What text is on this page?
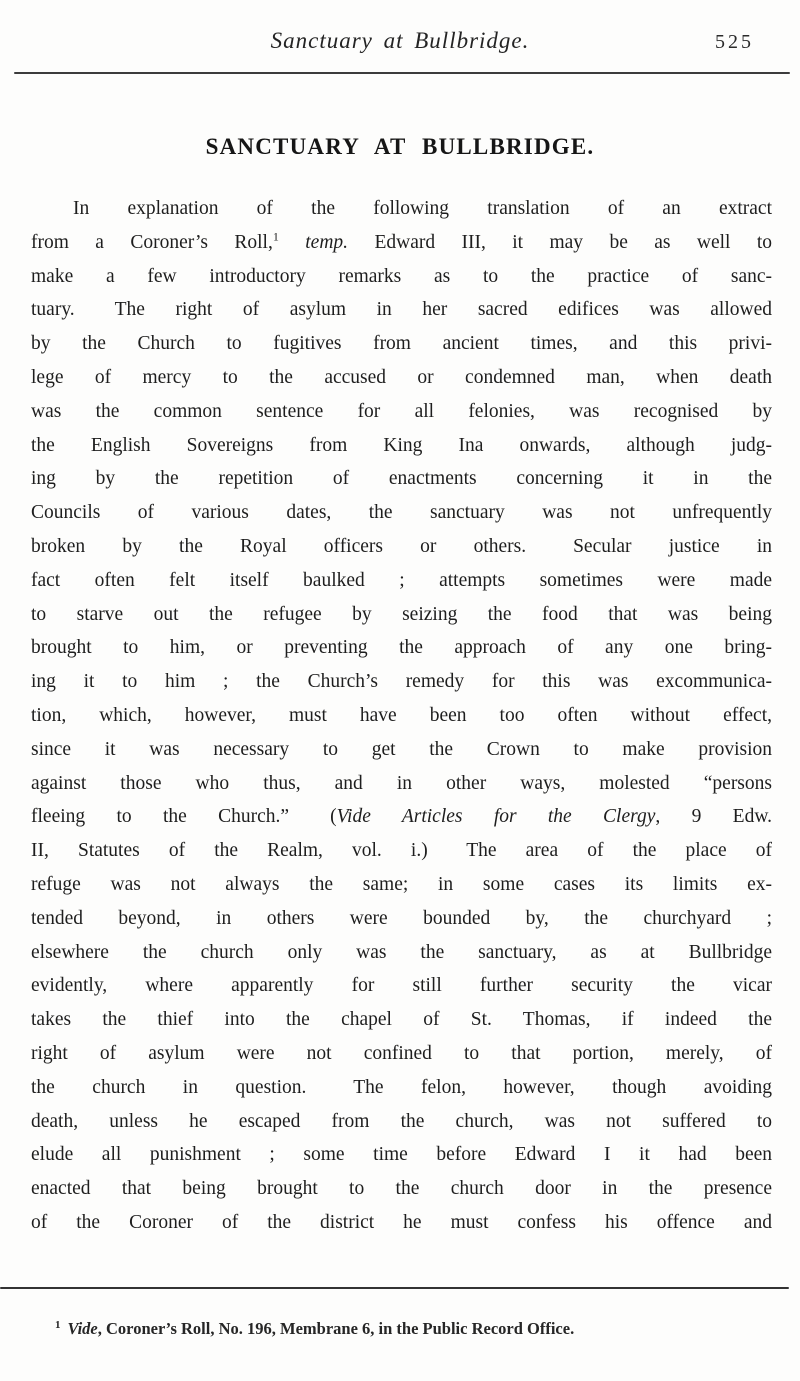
Sanctuary at Bullbridge.	525
SANCTUARY AT BULLBRIDGE.
In explanation of the following translation of an extract
from a Coroner’s Roll,$^1$ temp. Edward III, it may be as well to
make a few introductory remarks as to the practice of sanc-
tuary.  The right of asylum in her sacred edifices was allowed
by the Church to fugitives from ancient times, and this privi-
lege of mercy to the accused or condemned man, when death
was the common sentence for all felonies, was recognised by
the English Sovereigns from King Ina onwards, although judg-
ing by the repetition of enactments concerning it in the
Councils of various dates, the sanctuary was not unfrequently
broken by the Royal officers or others.  Secular justice in
fact often felt itself baulked ; attempts sometimes were made
to starve out the refugee by seizing the food that was being
brought to him, or preventing the approach of any one bring-
ing it to him ; the Church’s remedy for this was excommunica-
tion, which, however, must have been too often without effect,
since it was necessary to get the Crown to make provision
against those who thus, and in other ways, molested “persons
fleeing to the Church.”  (Vide Articles for the Clergy, 9 Edw.
II, Statutes of the Realm, vol. i.)  The area of the place of
refuge was not always the same; in some cases its limits ex-
tended beyond, in others were bounded by, the churchyard ;
elsewhere the church only was the sanctuary, as at Bullbridge
evidently, where apparently for still further security the vicar
takes the thief into the chapel of St. Thomas, if indeed the
right of asylum were not confined to that portion, merely, of
the church in question.  The felon, however, though avoiding
death, unless he escaped from the church, was not suffered to
elude all punishment ; some time before Edward I it had been
enacted that being brought to the church door in the presence
of the Coroner of the district he must confess his offence and
$^1$ Vide, Coroner’s Roll, No. 196, Membrane 6, in the Public Record Office.
